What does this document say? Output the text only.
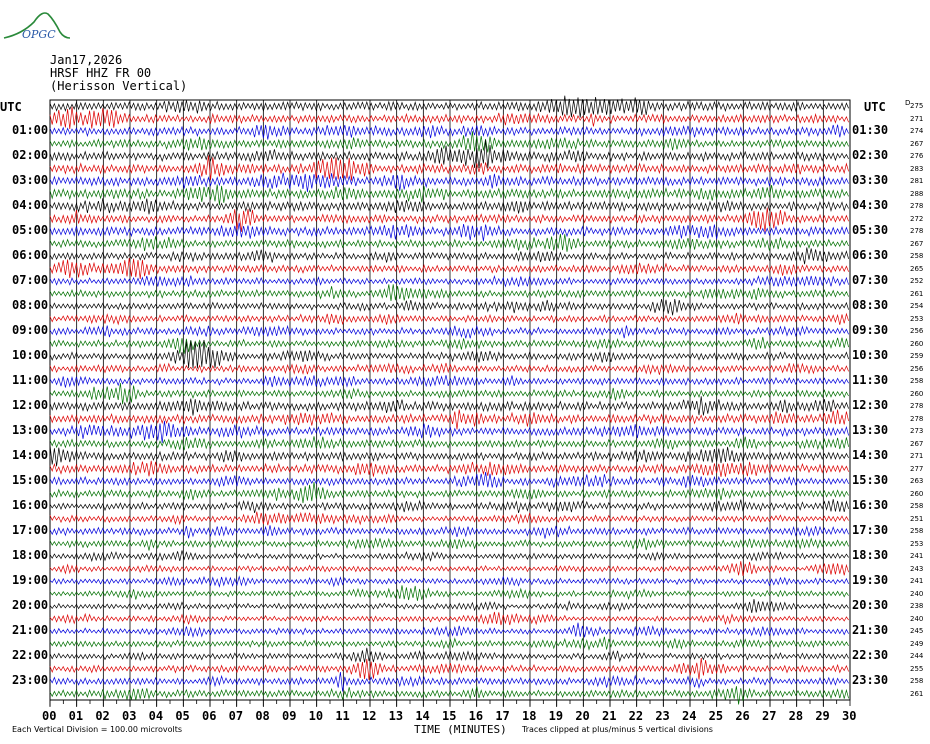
OPGC
Jan17,2026
HRSF HHZ FR 00
(Herisson Vertical)
UTC	UTC	D
01:00
02:00
03:00
04:00
05:00
06:00
07:00
08:00
09:00
10:00
11:00
12:00
13:00
14:00
15:00
16:00
17:00
18:00
19:00
20:00
21:00
22:00
23:00
01:30
02:30
03:30
04:30
05:30
06:30
07:30
08:30
09:30
10:30
11:30
12:30
13:30
14:30
15:30
16:30
17:30
18:30
19:30
20:30
21:30
22:30
23:30
275
271
274
267
276
283
281
288
278
272
278
267
258
265
252
261
254
253
256
260
259
256
258
260
278
278
273
267
271
277
263
260
258
251
258
253
241
243
241
240
238
240
245
249
244
255
258
261
00 01 02 03 04 05 06 07 08 09 10 11 12 13 14 15 16 17 18 19 20 21 22 23 24 25 26 27 28 29 30
Each Vertical Division = 100.00 microvolts	TIME (MINUTES) Traces clipped at plus/minus 5 vertical divisions
